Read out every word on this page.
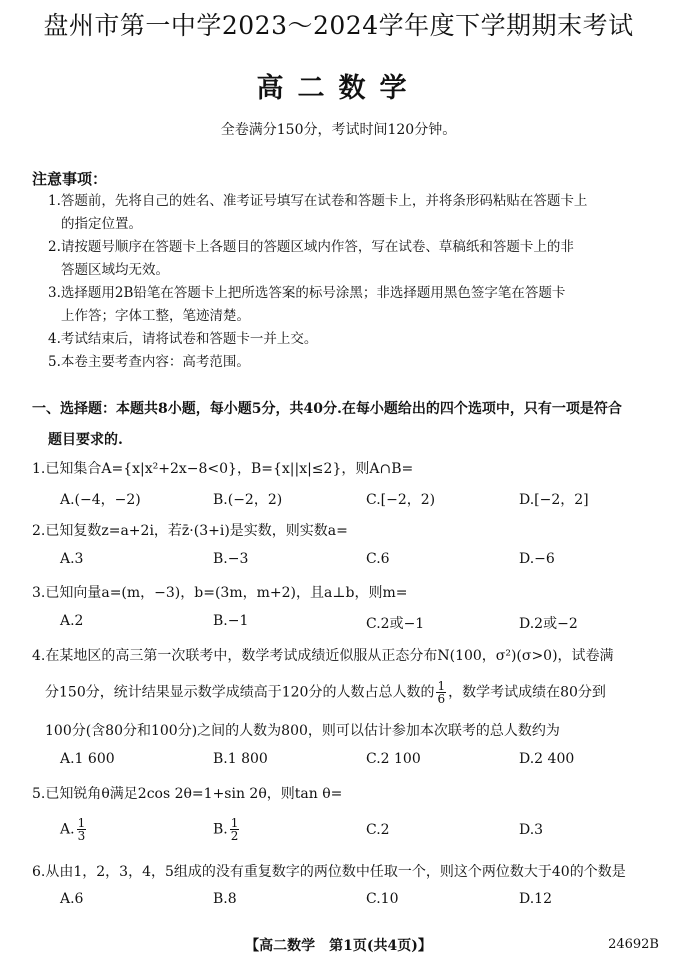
盘州市第一中学2023～2024学年度下学期期末考试
高二数学
全卷满分150分，考试时间120分钟。
注意事项：
1.答题前，先将自己的姓名、准考证号填写在试卷和答题卡上，并将条形码粘贴在答题卡上
的指定位置。
2.请按题号顺序在答题卡上各题目的答题区域内作答，写在试卷、草稿纸和答题卡上的非
答题区域均无效。
3.选择题用2B铅笔在答题卡上把所选答案的标号涂黑；非选择题用黑色签字笔在答题卡
上作答；字体工整，笔迹清楚。
4.考试结束后，请将试卷和答题卡一并上交。
5.本卷主要考查内容：高考范围。
一、选择题：本题共8小题，每小题5分，共40分.在每小题给出的四个选项中，只有一项是符合
题目要求的.
1.已知集合A={x|x²+2x−8<0}，B={x||x|≤2}，则A∩B=
A.(−4，−2)	B.(−2，2)	C.[−2，2)	D.[−2，2]
2.已知复数z=a+2i，若z̄·(3+i)是实数，则实数a=
A.3	B.−3	C.6	D.−6
3.已知向量a=(m，−3)，b=(3m，m+2)，且a⊥b，则m=
A.2	B.−1	C.2或−1	D.2或−2
4.在某地区的高三第一次联考中，数学考试成绩近似服从正态分布N(100，σ²)(σ>0)，试卷满
分150分，统计结果显示数学成绩高于120分的人数占总人数的 $\frac{1}{6}$ ，数学考试成绩在80分到
100分(含80分和100分)之间的人数为800，则可以估计参加本次联考的总人数约为
A.1 600	B.1 800	C.2 100	D.2 400
5.已知锐角θ满足2cos 2θ=1+sin 2θ，则tan θ=
A. $\frac{1}{3}$	B. $\frac{1}{2}$	C.2	D.3
6.从由1，2，3，4，5组成的没有重复数字的两位数中任取一个，则这个两位数大于40的个数是
A.6	B.8	C.10	D.12
【高二数学　第1页(共4页)】	24692B
